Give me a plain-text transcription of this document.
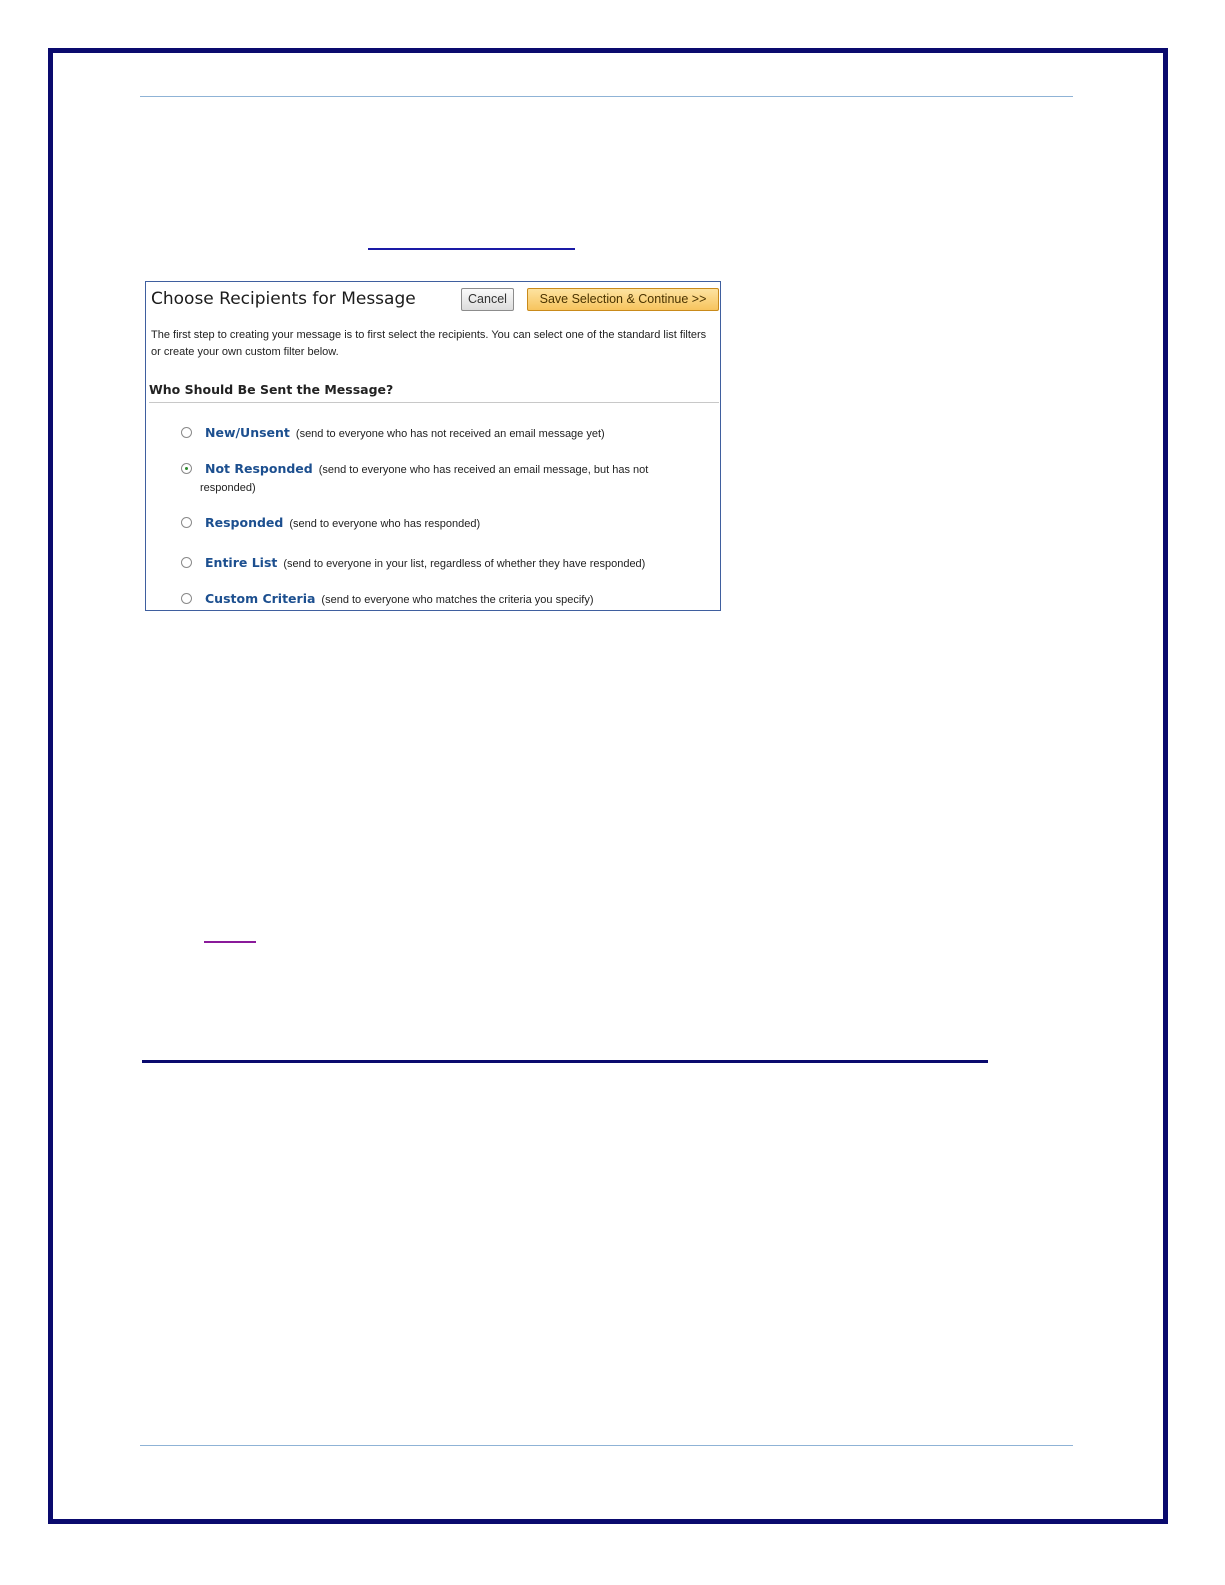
Choose Recipients for Message	Cancel	Save Selection & Continue >>
The first step to creating your message is to first select the recipients. You can select one of the standard list filters or create your own custom filter below.
Who Should Be Sent the Message?
New/Unsent (send to everyone who has not received an email message yet)
Not Responded (send to everyone who has received an email message, but has not
responded)
Responded (send to everyone who has responded)
Entire List (send to everyone in your list, regardless of whether they have responded)
Custom Criteria (send to everyone who matches the criteria you specify)
